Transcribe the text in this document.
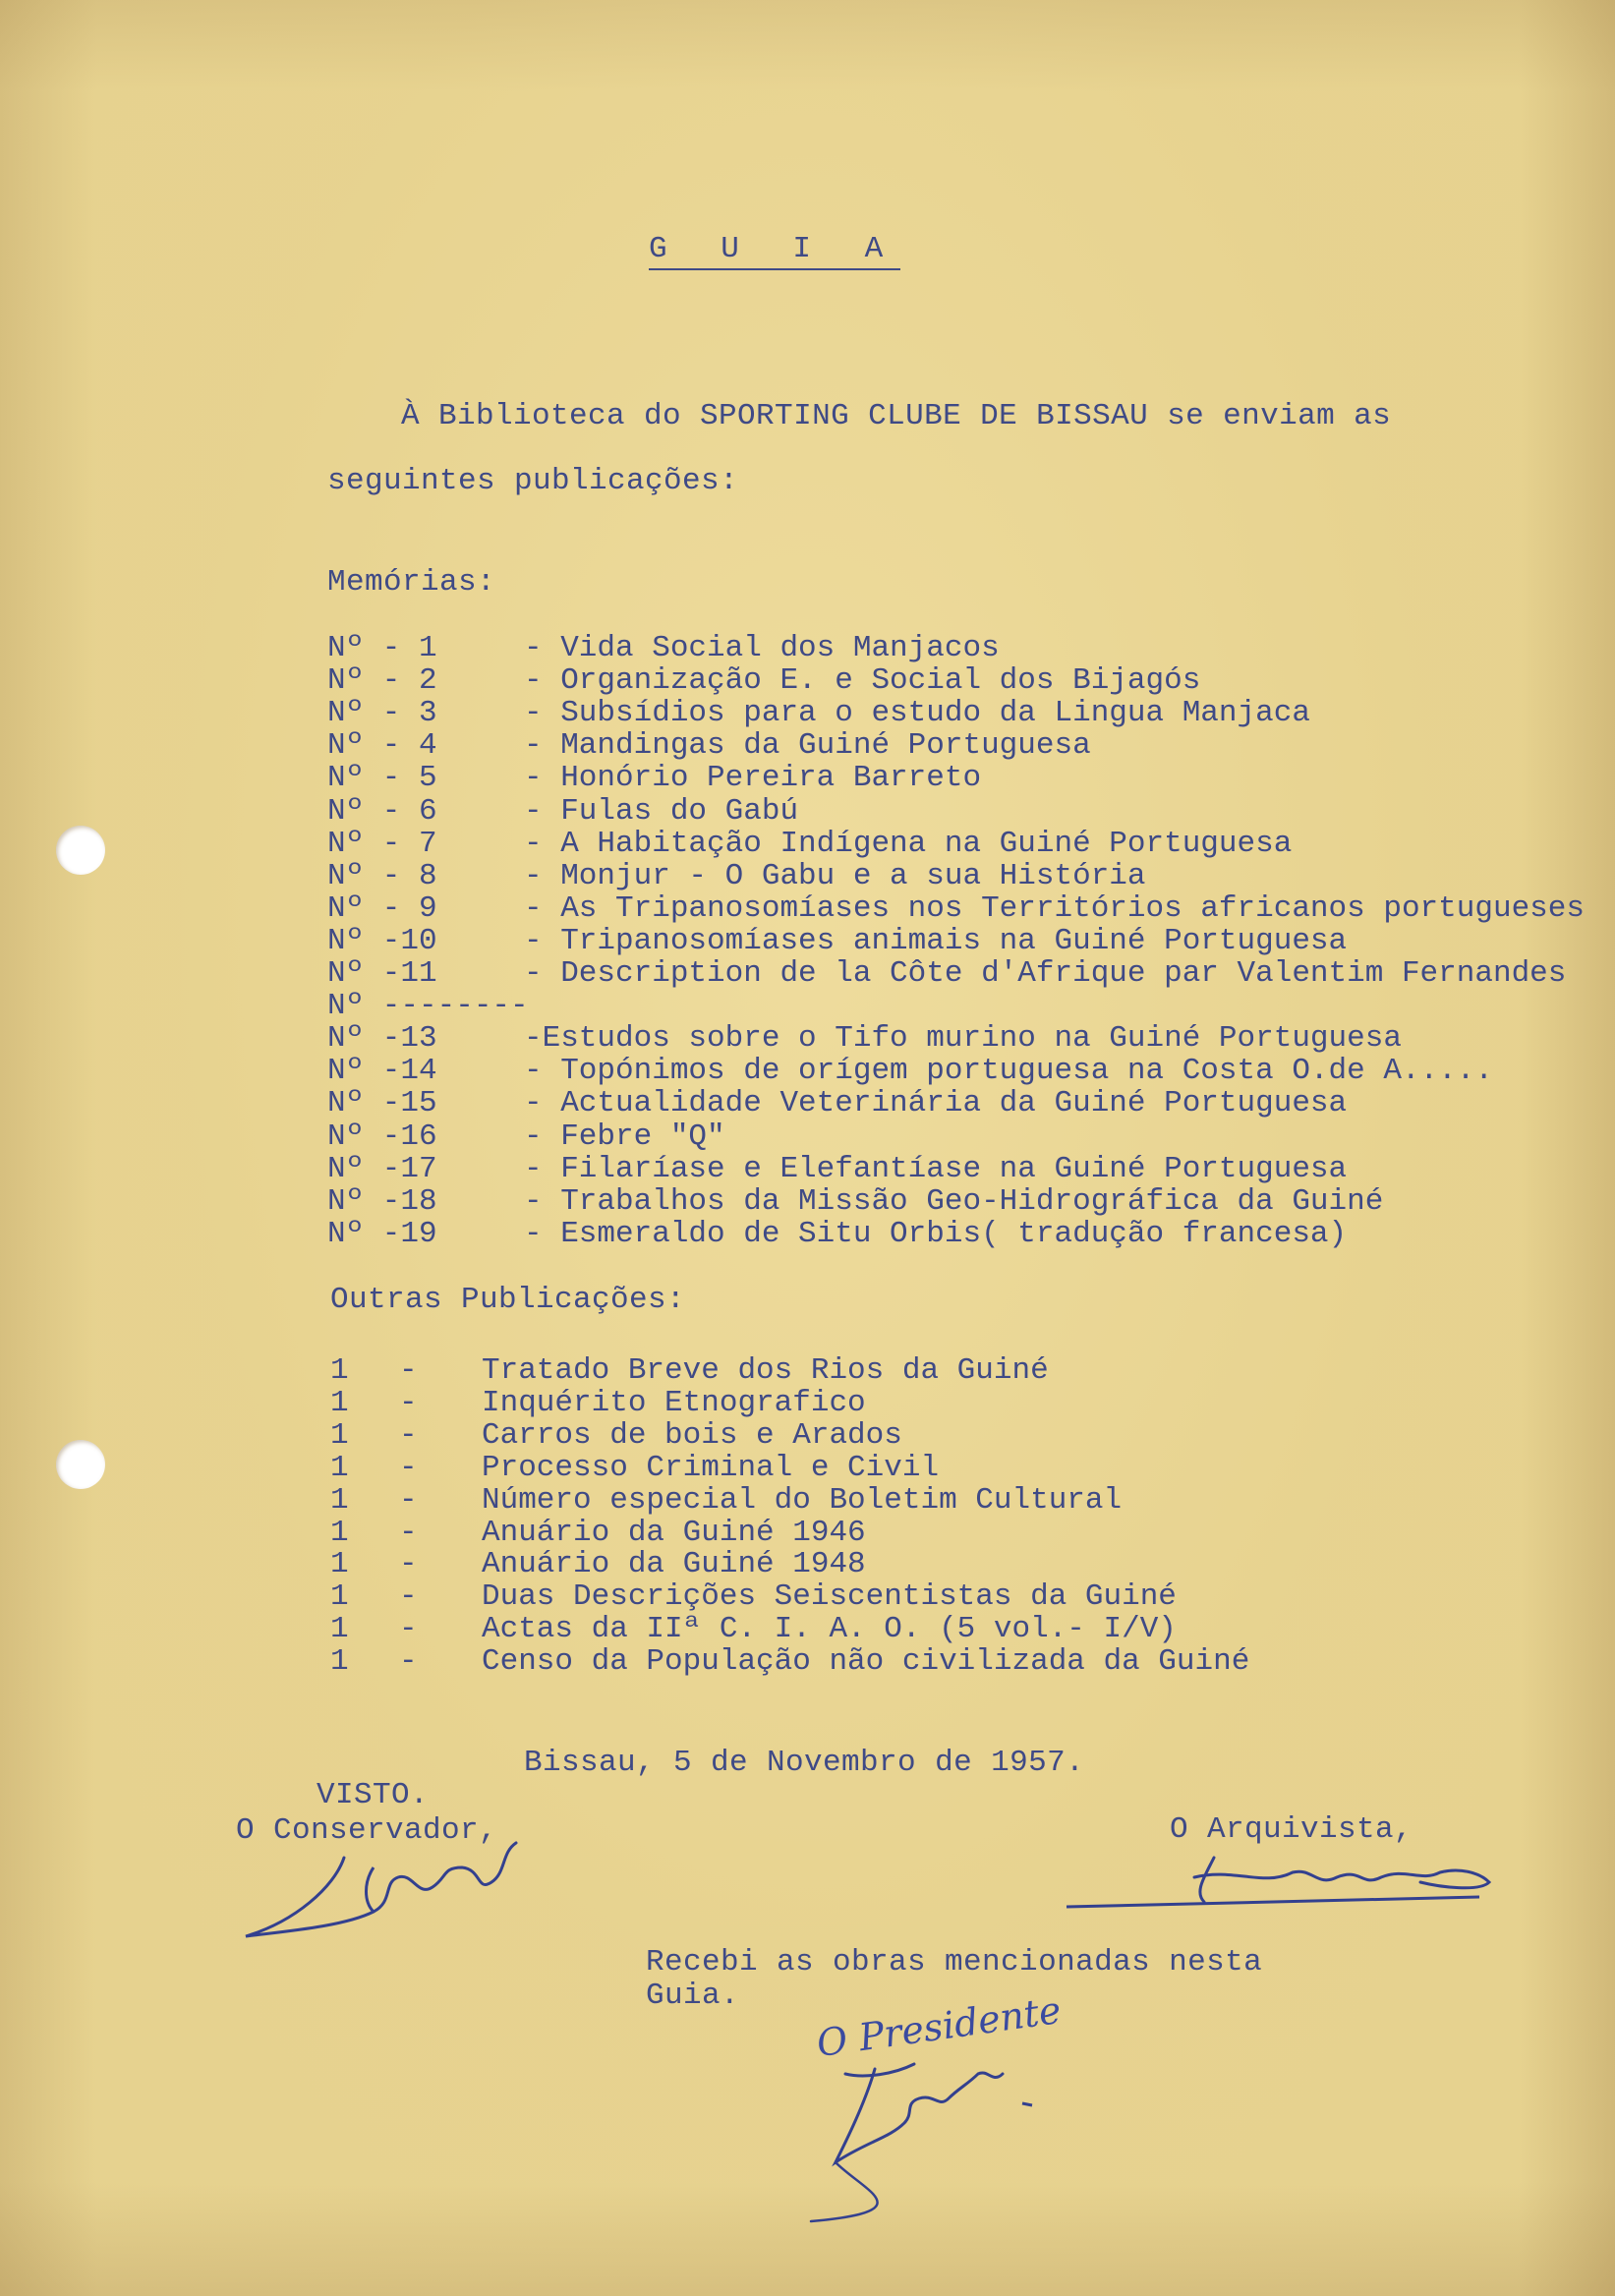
G U I A
À Biblioteca do SPORTING CLUBE DE BISSAU se enviam as
seguintes publicações:
Memórias:
Nº - 1	- Vida Social dos Manjacos
Nº - 2	- Organização E. e Social dos Bijagós
Nº - 3	- Subsídios para o estudo da Lingua Manjaca
Nº - 4	- Mandingas da Guiné Portuguesa
Nº - 5	- Honório Pereira Barreto
Nº - 6	- Fulas do Gabú
Nº - 7	- A Habitação Indígena na Guiné Portuguesa
Nº - 8	- Monjur - O Gabu e a sua História
Nº - 9	- As Tripanosomíases nos Territórios africanos portugueses
Nº -10	- Tripanosomíases animais na Guiné Portuguesa
Nº -11	- Description de la Côte d'Afrique par Valentim Fernandes
Nº --------
Nº -13	-Estudos sobre o Tifo murino na Guiné Portuguesa
Nº -14	- Topónimos de orígem portuguesa na Costa O.de A.....
Nº -15	- Actualidade Veterinária da Guiné Portuguesa
Nº -16	- Febre "Q"
Nº -17	- Filaríase e Elefantíase na Guiné Portuguesa
Nº -18	- Trabalhos da Missão Geo-Hidrográfica da Guiné
Nº -19	- Esmeraldo de Situ Orbis( tradução francesa)
Outras Publicações:
1 - Tratado Breve dos Rios da Guiné
1 - Inquérito Etnografico
1 - Carros de bois e Arados
1 - Processo Criminal e Civil
1 - Número especial do Boletim Cultural
1 - Anuário da Guiné 1946
1 - Anuário da Guiné 1948
1 - Duas Descrições Seiscentistas da Guiné
1 - Actas da IIª C. I. A. O. (5 vol.- I/V)
1 - Censo da População não civilizada da Guiné
Bissau, 5 de Novembro de 1957.
VISTO.
O Conservador,	O Arquivista,
Recebi as obras mencionadas nesta
Guia. O Presidente
